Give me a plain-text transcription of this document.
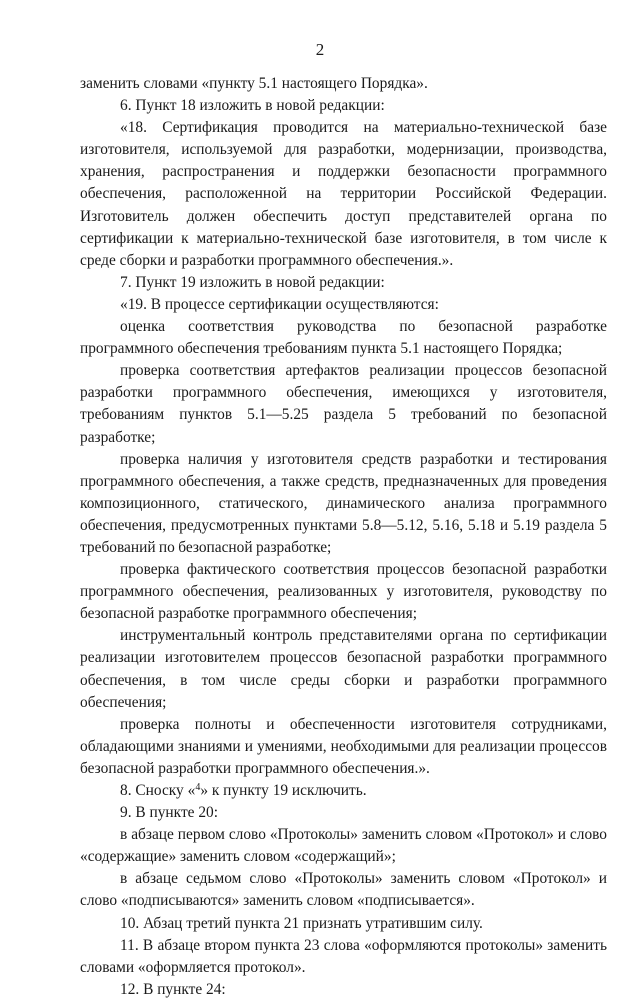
2

заменить словами «пункту 5.1 настоящего Порядка».

6. Пункт 18 изложить в новой редакции:

«18. Сертификация проводится на материально-технической базе изготовителя, используемой для разработки, модернизации, производства, хранения, распространения и поддержки безопасности программного обеспечения, расположенной на территории Российской Федерации. Изготовитель должен обеспечить доступ представителей органа по сертификации к материально-технической базе изготовителя, в том числе к среде сборки и разработки программного обеспечения.».

7. Пункт 19 изложить в новой редакции:

«19. В процессе сертификации осуществляются:

оценка соответствия руководства по безопасной разработке программного обеспечения требованиям пункта 5.1 настоящего Порядка;

проверка соответствия артефактов реализации процессов безопасной разработки программного обеспечения, имеющихся у изготовителя, требованиям пунктов 5.1—5.25 раздела 5 требований по безопасной разработке;

проверка наличия у изготовителя средств разработки и тестирования программного обеспечения, а также средств, предназначенных для проведения композиционного, статического, динамического анализа программного обеспечения, предусмотренных пунктами 5.8—5.12, 5.16, 5.18 и 5.19 раздела 5 требований по безопасной разработке;

проверка фактического соответствия процессов безопасной разработки программного обеспечения, реализованных у изготовителя, руководству по безопасной разработке программного обеспечения;

инструментальный контроль представителями органа по сертификации реализации изготовителем процессов безопасной разработки программного обеспечения, в том числе среды сборки и разработки программного обеспечения;

проверка полноты и обеспеченности изготовителя сотрудниками, обладающими знаниями и умениями, необходимыми для реализации процессов безопасной разработки программного обеспечения.».

8. Сноску «$^4$» к пункту 19 исключить.

9. В пункте 20:

в абзаце первом слово «Протоколы» заменить словом «Протокол» и слово «содержащие» заменить словом «содержащий»;

в абзаце седьмом слово «Протоколы» заменить словом «Протокол» и слово «подписываются» заменить словом «подписывается».

10. Абзац третий пункта 21 признать утратившим силу.

11. В абзаце втором пункта 23 слова «оформляются протоколы» заменить словами «оформляется протокол».

12. В пункте 24:
